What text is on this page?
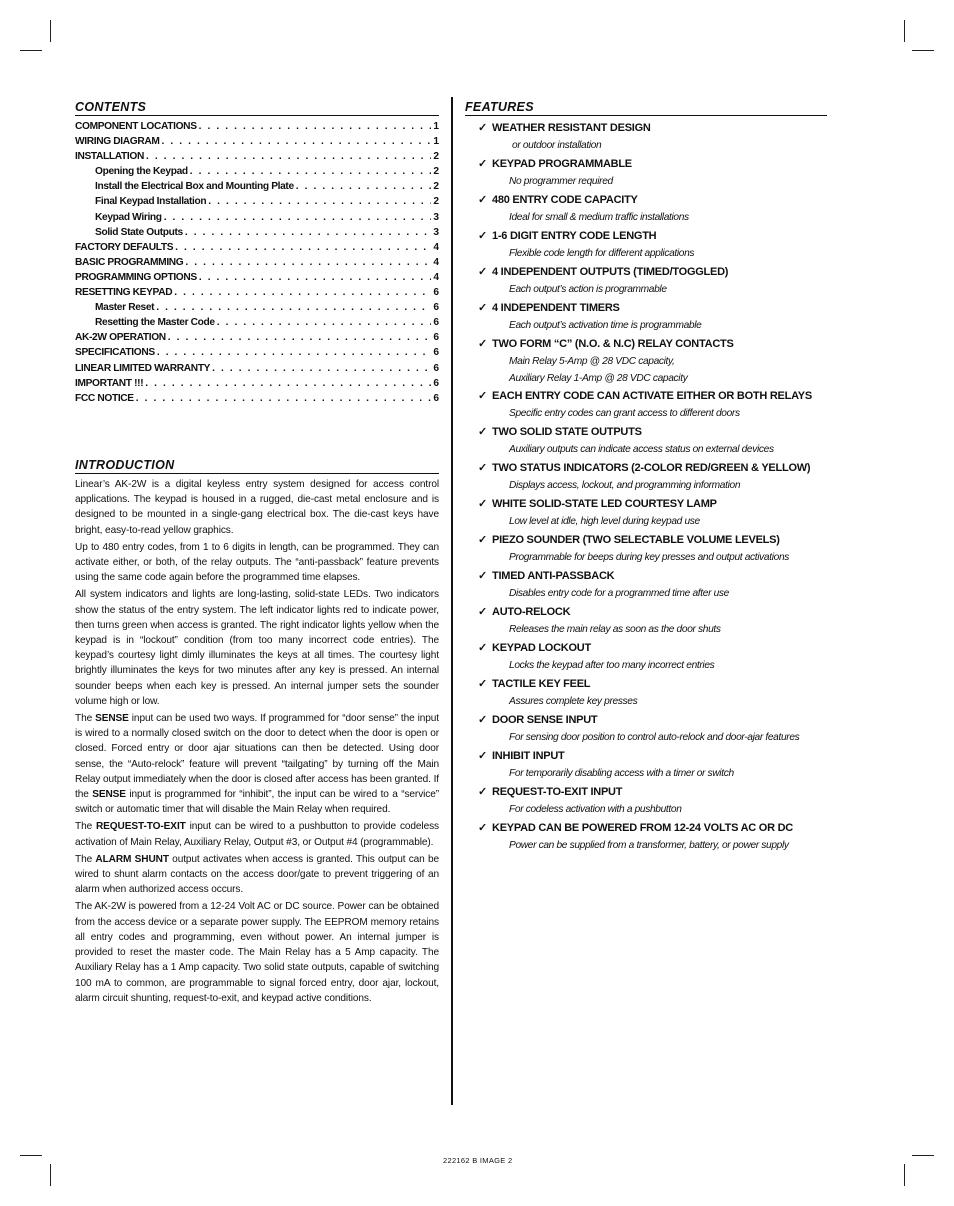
CONTENTS
COMPONENT LOCATIONS . . .	1
WIRING DIAGRAM . . .	1
INSTALLATION . . .	2
Opening the Keypad . . .	2
Install the Electrical Box and Mounting Plate . . .	2
Final Keypad Installation . . .	2
Keypad Wiring . . .	3
Solid State Outputs . . .	3
FACTORY DEFAULTS . . .	4
BASIC PROGRAMMING . . .	4
PROGRAMMING OPTIONS . . .	4
RESETTING KEYPAD . . .	6
Master Reset . . .	6
Resetting the Master Code . . .	6
AK-2W OPERATION . . .	6
SPECIFICATIONS . . .	6
LINEAR LIMITED WARRANTY . . .	6
IMPORTANT !!! . . .	6
FCC NOTICE . . .	6
INTRODUCTION

Linear’s AK-2W is a digital keyless entry system designed for access control applications. The keypad is housed in a rugged, die-cast metal enclosure and is designed to be mounted in a single-gang electrical box. The die-cast keys have bright, easy-to-read yellow graphics.

Up to 480 entry codes, from 1 to 6 digits in length, can be programmed. They can activate either, or both, of the relay outputs. The “anti-passback” feature prevents using the same code again before the programmed time elapses.

All system indicators and lights are long-lasting, solid-state LEDs. Two indicators show the status of the entry system. The left indicator lights red to indicate power, then turns green when access is granted. The right indicator lights yellow when the keypad is in “lockout” condition (from too many incorrect code entries). The keypad’s courtesy light dimly illuminates the keys at all times. The courtesy light brightly illuminates the keys for two minutes after any key is pressed. An internal sounder beeps when each key is pressed. An internal jumper sets the sounder volume high or low.

The SENSE input can be used two ways. If programmed for “door sense” the input is wired to a normally closed switch on the door to detect when the door is open or closed. Forced entry or door ajar situations can then be detected. Using door sense, the “Auto-relock” feature will prevent “tailgating” by turning off the Main Relay output immediately when the door is closed after access has been granted. If the SENSE input is programmed for “inhibit”, the input can be wired to a “service” switch or automatic timer that will disable the Main Relay when required.

The REQUEST-TO-EXIT input can be wired to a pushbutton to provide codeless activation of Main Relay, Auxiliary Relay, Output #3, or Output #4 (programmable).

The ALARM SHUNT output activates when access is granted. This output can be wired to shunt alarm contacts on the access door/gate to prevent triggering of an alarm when authorized access occurs.

The AK-2W is powered from a 12-24 Volt AC or DC source. Power can be obtained from the access device or a separate power supply. The EEPROM memory retains all entry codes and programming, even without power. An internal jumper is provided to reset the master code. The Main Relay has a 5 Amp capacity. The Auxiliary Relay has a 1 Amp capacity. Two solid state outputs, capable of switching 100 mA to common, are programmable to signal forced entry, door ajar, lockout, alarm circuit shunting, request-to-exit, and keypad active conditions.

FEATURES
✓ WEATHER RESISTANT DESIGN
or outdoor installation
✓ KEYPAD PROGRAMMABLE
No programmer required
✓ 480 ENTRY CODE CAPACITY
Ideal for small & medium traffic installations
✓ 1-6 DIGIT ENTRY CODE LENGTH
Flexible code length for different applications
✓ 4 INDEPENDENT OUTPUTS (TIMED/TOGGLED)
Each output’s action is programmable
✓ 4 INDEPENDENT TIMERS
Each output’s activation time is programmable
✓ TWO FORM “C” (N.O. & N.C) RELAY CONTACTS
Main Relay 5-Amp @ 28 VDC capacity,
Auxiliary Relay 1-Amp @ 28 VDC capacity
✓ EACH ENTRY CODE CAN ACTIVATE EITHER OR BOTH RELAYS
Specific entry codes can grant access to different doors
✓ TWO SOLID STATE OUTPUTS
Auxiliary outputs can indicate access status on external devices
✓ TWO STATUS INDICATORS (2-COLOR RED/GREEN & YELLOW)
Displays access, lockout, and programming information
✓ WHITE SOLID-STATE LED COURTESY LAMP
Low level at idle, high level during keypad use
✓ PIEZO SOUNDER (TWO SELECTABLE VOLUME LEVELS)
Programmable for beeps during key presses and output activations
✓ TIMED ANTI-PASSBACK
Disables entry code for a programmed time after use
✓ AUTO-RELOCK
Releases the main relay as soon as the door shuts
✓ KEYPAD LOCKOUT
Locks the keypad after too many incorrect entries
✓ TACTILE KEY FEEL
Assures complete key presses
✓ DOOR SENSE INPUT
For sensing door position to control auto-relock and door-ajar features
✓ INHIBIT INPUT
For temporarily disabling access with a timer or switch
✓ REQUEST-TO-EXIT INPUT
For codeless activation with a pushbutton
✓ KEYPAD CAN BE POWERED FROM 12-24 VOLTS AC OR DC
Power can be supplied from a transformer, battery, or power supply
222162 B IMAGE 2
